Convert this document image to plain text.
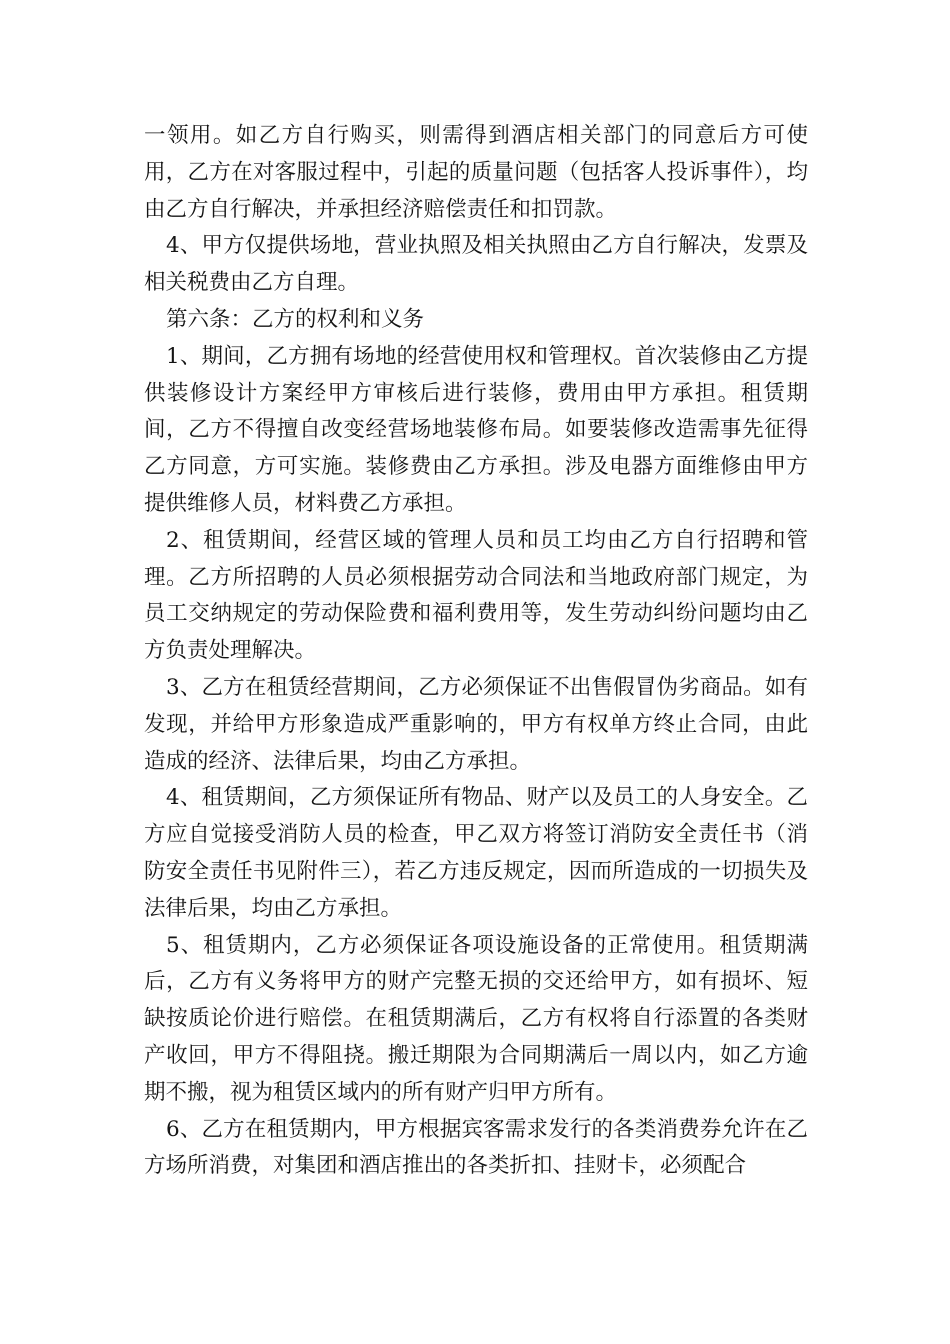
一领用。如乙方自行购买，则需得到酒店相关部门的同意后方可使用，乙方在对客服过程中，引起的质量问题（包括客人投诉事件），均由乙方自行解决，并承担经济赔偿责任和扣罚款。

4、甲方仅提供场地，营业执照及相关执照由乙方自行解决，发票及相关税费由乙方自理。

第六条：乙方的权利和义务

1、期间，乙方拥有场地的经营使用权和管理权。首次装修由乙方提供装修设计方案经甲方审核后进行装修，费用由甲方承担。租赁期间，乙方不得擅自改变经营场地装修布局。如要装修改造需事先征得乙方同意，方可实施。装修费由乙方承担。涉及电器方面维修由甲方提供维修人员，材料费乙方承担。

2、租赁期间，经营区域的管理人员和员工均由乙方自行招聘和管理。乙方所招聘的人员必须根据劳动合同法和当地政府部门规定，为员工交纳规定的劳动保险费和福利费用等，发生劳动纠纷问题均由乙方负责处理解决。

3、乙方在租赁经营期间，乙方必须保证不出售假冒伪劣商品。如有发现，并给甲方形象造成严重影响的，甲方有权单方终止合同，由此造成的经济、法律后果，均由乙方承担。

4、租赁期间，乙方须保证所有物品、财产以及员工的人身安全。乙方应自觉接受消防人员的检查，甲乙双方将签订消防安全责任书（消防安全责任书见附件三），若乙方违反规定，因而所造成的一切损失及法律后果，均由乙方承担。

5、租赁期内，乙方必须保证各项设施设备的正常使用。租赁期满后，乙方有义务将甲方的财产完整无损的交还给甲方，如有损坏、短缺按质论价进行赔偿。在租赁期满后，乙方有权将自行添置的各类财产收回，甲方不得阻挠。搬迁期限为合同期满后一周以内，如乙方逾期不搬，视为租赁区域内的所有财产归甲方所有。

6、乙方在租赁期内，甲方根据宾客需求发行的各类消费券允许在乙方场所消费，对集团和酒店推出的各类折扣、挂财卡，必须配合
